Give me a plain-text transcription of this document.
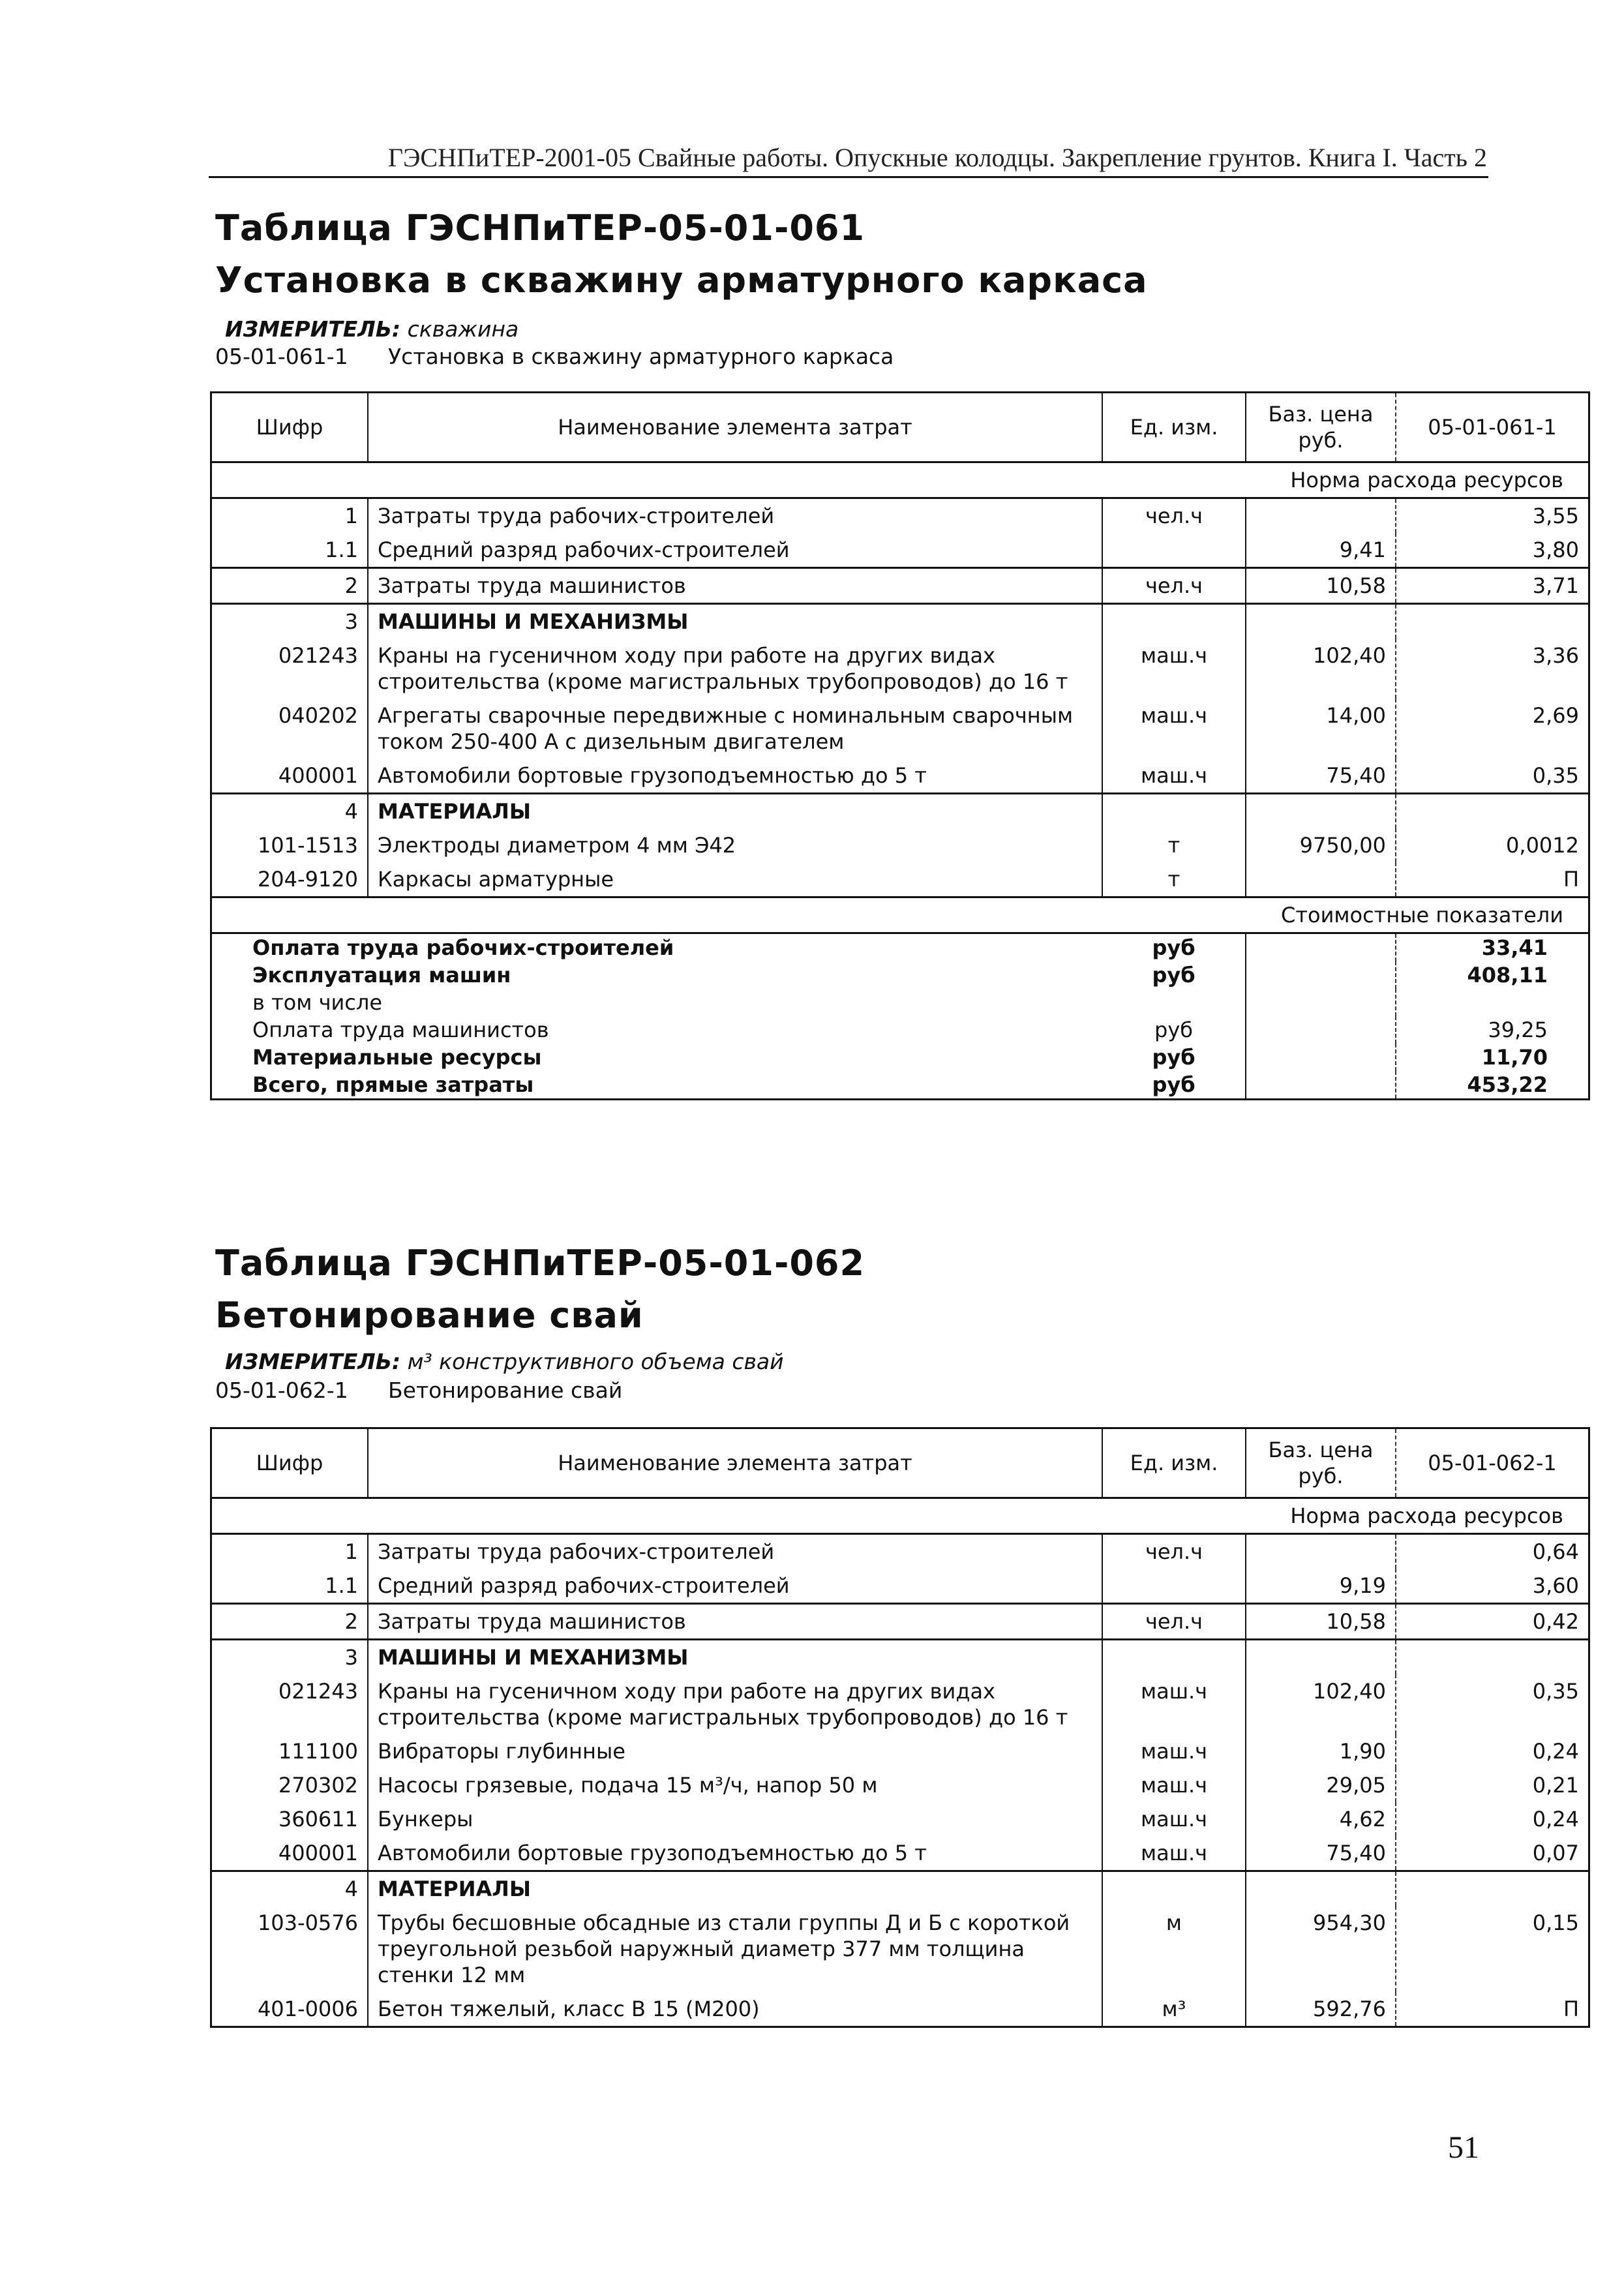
ГЭСНПиТЕР-2001-05 Свайные работы. Опускные колодцы. Закрепление грунтов. Книга I. Часть 2
Таблица ГЭСНПиТЕР-05-01-061
Установка в скважину арматурного каркаса
ИЗМЕРИТЕЛЬ: скважина
05-01-061-1 Установка в скважину арматурного каркаса
Шифр	Наименование элемента затрат	Ед. изм.	Баз. цена руб.	05-01-061-1
Норма расхода ресурсов				
1	Затраты труда рабочих-строителей	чел.ч		3,55
1.1	Средний разряд рабочих-строителей		9,41	3,80
2	Затраты труда машинистов	чел.ч	10,58	3,71
3	МАШИНЫ И МЕХАНИЗМЫ			
021243	Краны на гусеничном ходу при работе на других видах строительства (кроме магистральных трубопроводов) до 16 т	маш.ч	102,40	3,36
040202	Агрегаты сварочные передвижные с номинальным сварочным током 250-400 А с дизельным двигателем	маш.ч	14,00	2,69
400001	Автомобили бортовые грузоподъемностью до 5 т	маш.ч	75,40	0,35
4	МАТЕРИАЛЫ			
101-1513	Электроды диаметром 4 мм Э42	т	9750,00	0,0012
204-9120	Каркасы арматурные	т		П
Стоимостные показатели				
Оплата труда рабочих-строителей		руб		33,41
Эксплуатация машин		руб		408,11
в том числе				
Оплата труда машинистов		руб		39,25
Материальные ресурсы		руб		11,70
Всего, прямые затраты		руб		453,22
Таблица ГЭСНПиТЕР-05-01-062
Бетонирование свай
ИЗМЕРИТЕЛЬ: м³ конструктивного объема свай
05-01-062-1 Бетонирование свай
Шифр	Наименование элемента затрат	Ед. изм.	Баз. цена руб.	05-01-062-1
Норма расхода ресурсов				
1	Затраты труда рабочих-строителей	чел.ч		0,64
1.1	Средний разряд рабочих-строителей		9,19	3,60
2	Затраты труда машинистов	чел.ч	10,58	0,42
3	МАШИНЫ И МЕХАНИЗМЫ			
021243	Краны на гусеничном ходу при работе на других видах строительства (кроме магистральных трубопроводов) до 16 т	маш.ч	102,40	0,35
111100	Вибраторы глубинные	маш.ч	1,90	0,24
270302	Насосы грязевые, подача 15 м³/ч, напор 50 м	маш.ч	29,05	0,21
360611	Бункеры	маш.ч	4,62	0,24
400001	Автомобили бортовые грузоподъемностью до 5 т	маш.ч	75,40	0,07
4	МАТЕРИАЛЫ			
103-0576	Трубы бесшовные обсадные из стали группы Д и Б с короткой треугольной резьбой наружный диаметр 377 мм толщина стенки 12 мм	м	954,30	0,15
401-0006	Бетон тяжелый, класс В 15 (М200)	м³	592,76	П
51
